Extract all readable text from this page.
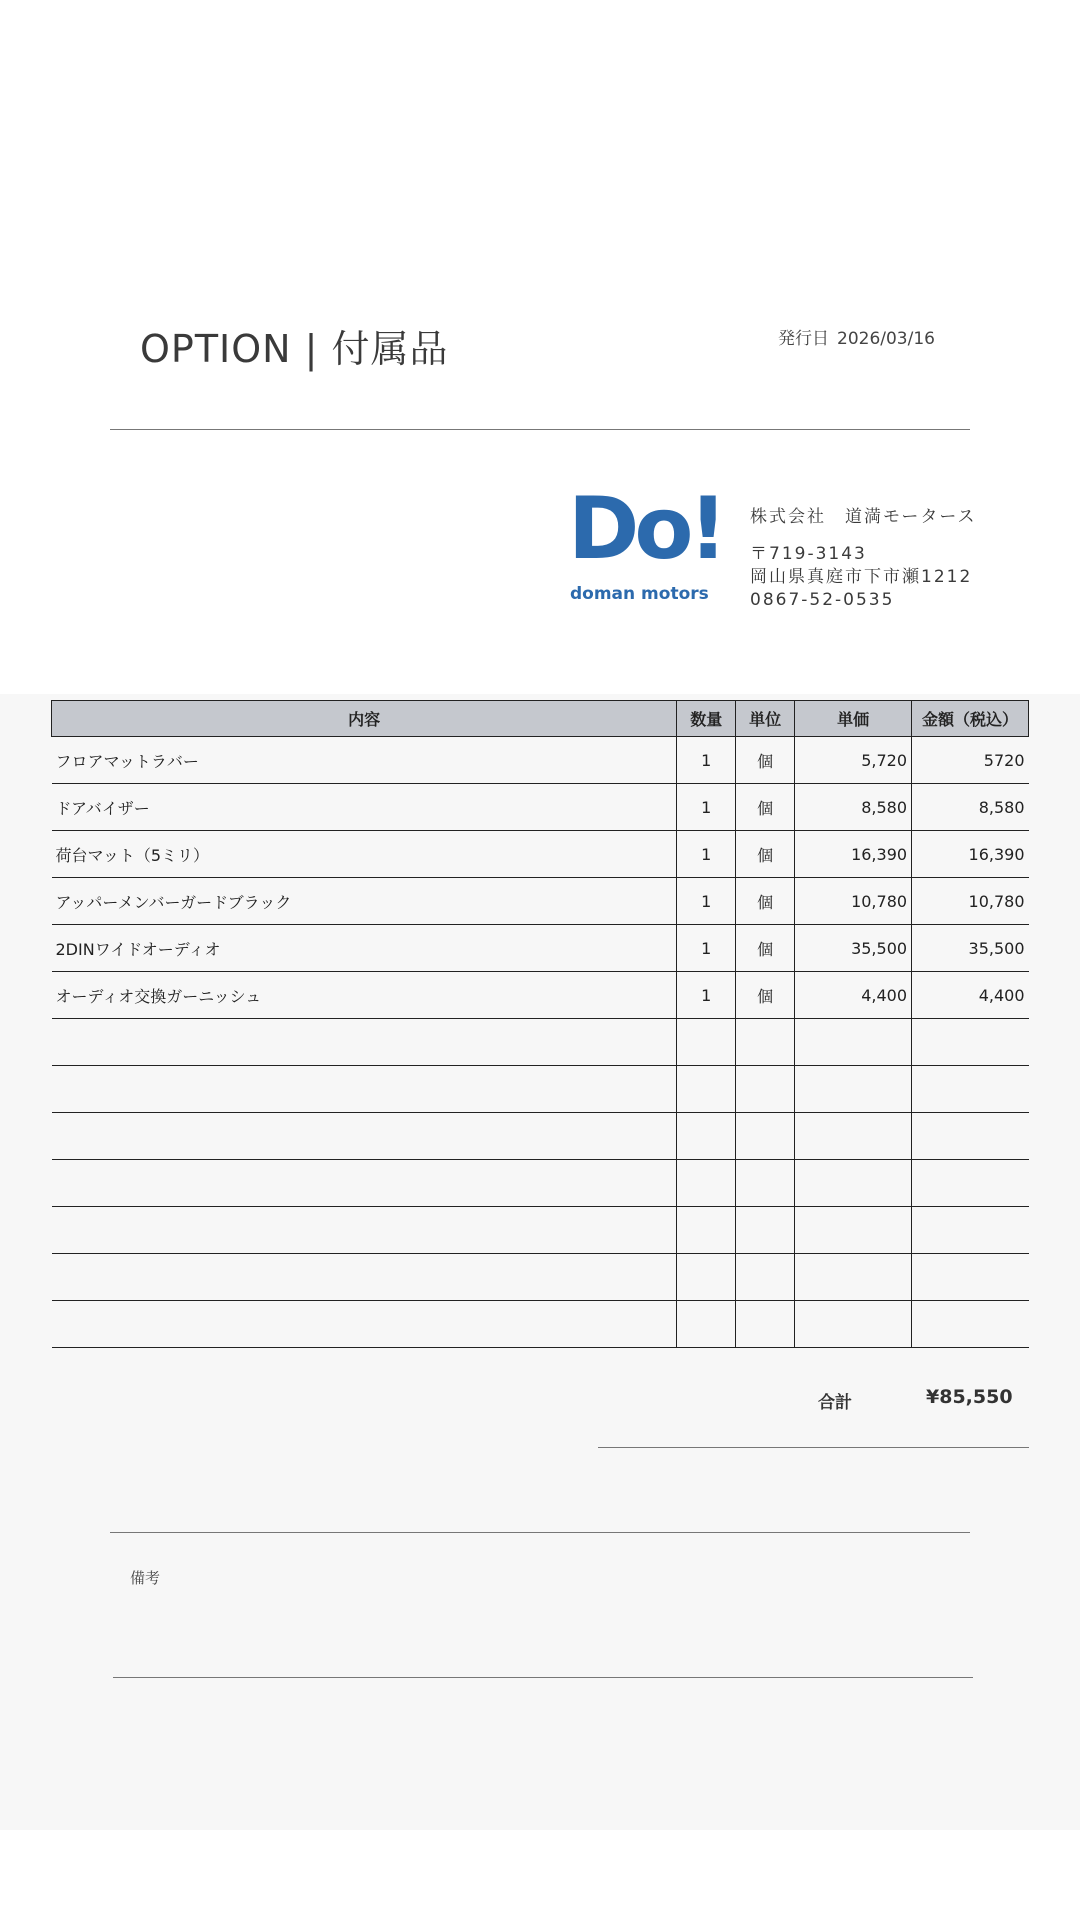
OPTION | 付属品	発行日 2026/03/16
Do!
doman motors
株式会社　道満モータース
〒719-3143
岡山県真庭市下市瀬1212
0867-52-0535
内容	数量	単位	単価	金額（税込）
フロアマットラバー	1	個	5,720	5720
ドアバイザー	1	個	8,580	8,580
荷台マット（5ミリ）	1	個	16,390	16,390
アッパーメンバーガードブラック	1	個	10,780	10,780
2DINワイドオーディオ	1	個	35,500	35,500
オーディオ交換ガーニッシュ	1	個	4,400	4,400

合計	¥85,550
備考
